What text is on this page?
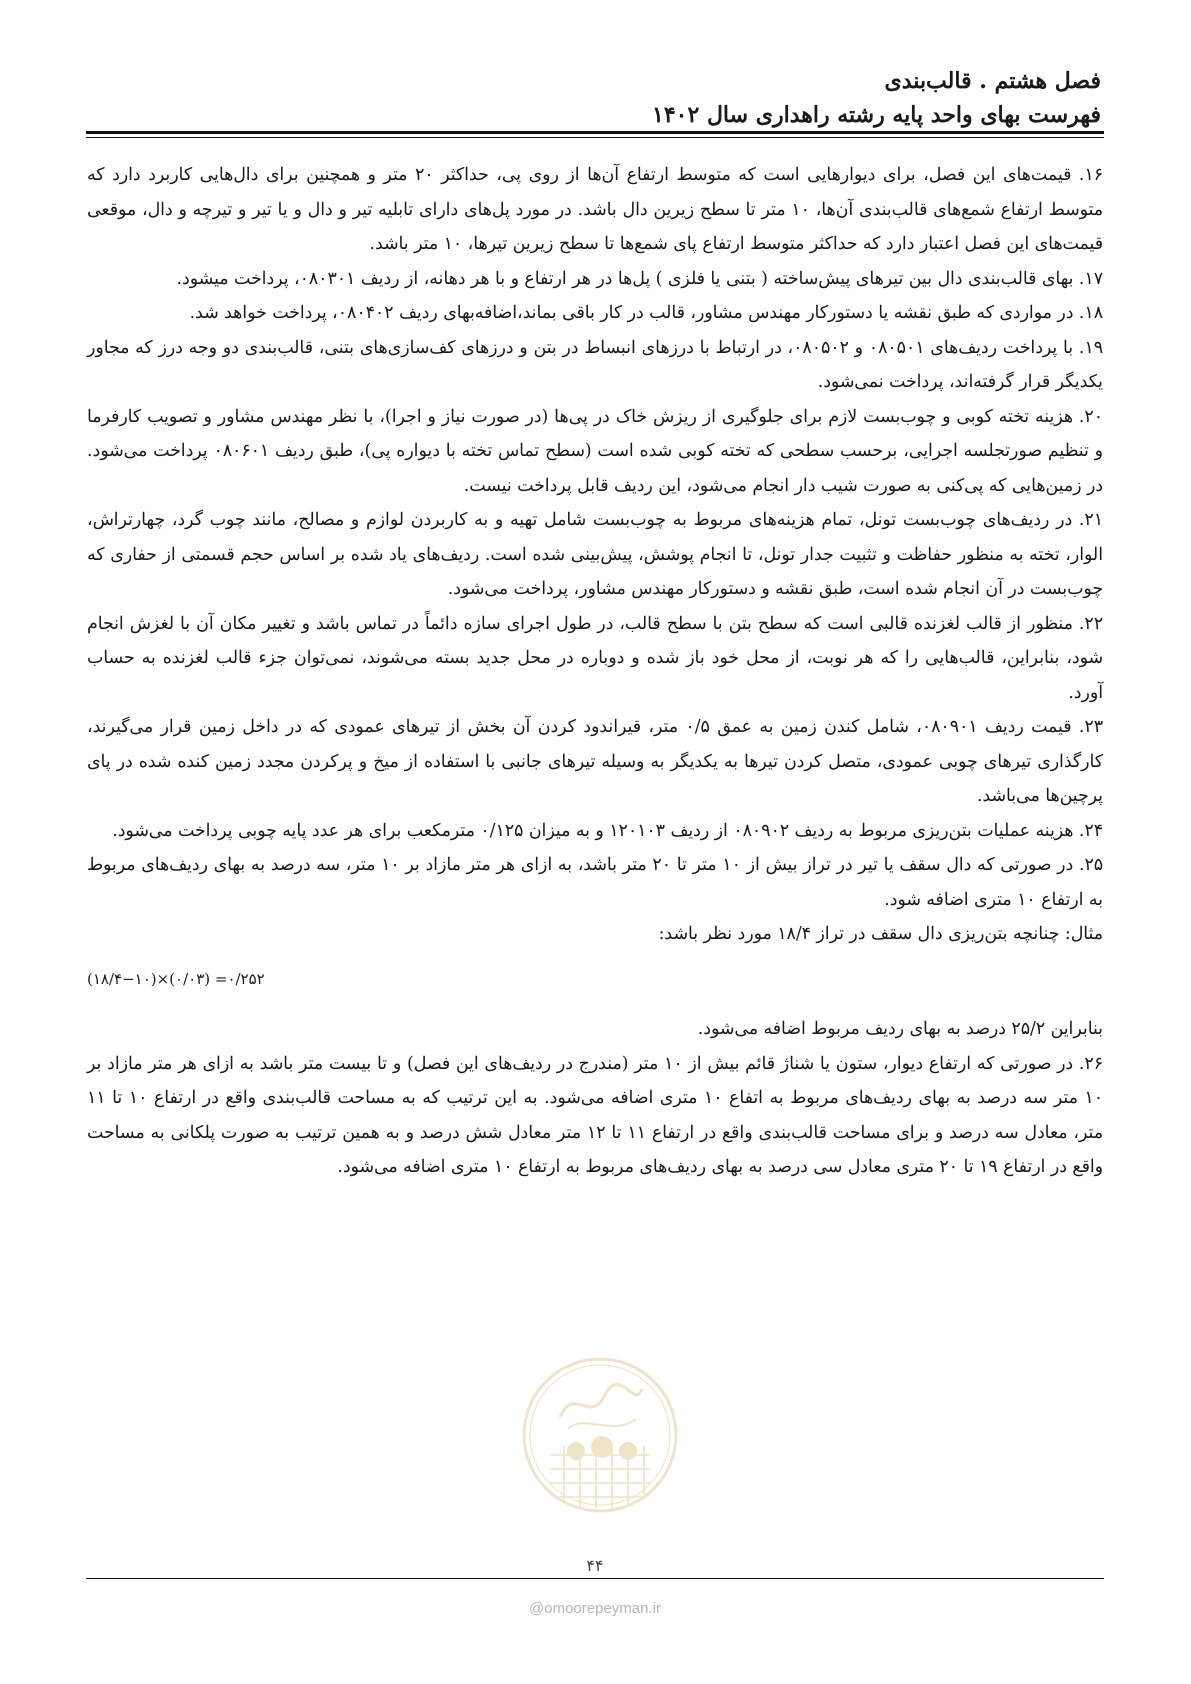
فصل هشتم . قالب‌بندی
فهرست بهای واحد پایه رشته راهداری سال ۱۴۰۲

۱۶. قیمت‌های این فصل، برای دیوارهایی است که متوسط ارتفاع آن‌ها از روی پی، حداکثر ۲۰ متر و همچنین برای دال‌هایی کاربرد دارد که متوسط ارتفاع شمع‌های قالب‌بندی آن‌ها، ۱۰ متر تا سطح زیرین دال باشد. در مورد پل‌های دارای تابلیه تیر و دال و یا تیر و تیرچه و دال، موقعی قیمت‌های این فصل اعتبار دارد که حداکثر متوسط ارتفاع پای شمع‌ها تا سطح زیرین تیرها، ۱۰ متر باشد.

۱۷. بهای قالب‌بندی دال بین تیرهای پیش‌ساخته ( بتنی یا فلزی ) پل‌ها در هر ارتفاع و با هر دهانه، از ردیف ۰۸۰۳۰۱، پرداخت میشود.

۱۸. در مواردی که طبق نقشه یا دستورکار مهندس مشاور، قالب در کار باقی بماند،اضافه‌بهای ردیف ۰۸۰۴۰۲، پرداخت خواهد شد.

۱۹. با پرداخت ردیف‌های ۰۸۰۵۰۱ و ۰۸۰۵۰۲، در ارتباط با درزهای انبساط در بتن و درزهای کف‌سازی‌های بتنی، قالب‌بندی دو وجه درز که مجاور یکدیگر قرار گرفته‌اند، پرداخت نمی‌شود.

۲۰. هزینه تخته کوبی و چوب‌بست لازم برای جلوگیری از ریزش خاک در پی‌ها (در صورت نیاز و اجرا)، با نظر مهندس مشاور و تصویب کارفرما و تنظیم صورتجلسه اجرایی، برحسب سطحی که تخته کوبی شده است (سطح تماس تخته با دیواره پی)، طبق ردیف ۰۸۰۶۰۱ پرداخت می‌شود. در زمین‌هایی که پی‌کنی به صورت شیب دار انجام می‌شود، این ردیف قابل پرداخت نیست.

۲۱. در ردیف‌های چوب‌بست تونل، تمام هزینه‌های مربوط به چوب‌بست شامل تهیه و به کاربردن لوازم و مصالح، مانند چوب گرد، چهارتراش، الوار، تخته به منظور حفاظت و تثبیت جدار تونل، تا انجام پوشش، پیش‌بینی شده است. ردیف‌های یاد شده بر اساس حجم قسمتی از حفاری که چوب‌بست در آن انجام شده است، طبق نقشه و دستورکار مهندس مشاور، پرداخت می‌شود.

۲۲. منظور از قالب لغزنده قالبی است که سطح بتن با سطح قالب، در طول اجرای سازه دائماً در تماس باشد و تغییر مکان آن با لغزش انجام شود، بنابراین، قالب‌هایی را که هر نوبت، از محل خود باز شده و دوباره در محل جدید بسته می‌شوند، نمی‌توان جزء قالب لغزنده به حساب آورد.

۲۳. قیمت ردیف ۰۸۰۹۰۱، شامل کندن زمین به عمق ۰/۵ متر، قیراندود کردن آن بخش از تیرهای عمودی که در داخل زمین قرار می‌گیرند، کارگذاری تیرهای چوبی عمودی، متصل کردن تیرها به یکدیگر به وسیله تیرهای جانبی با استفاده از میخ و پرکردن مجدد زمین کنده شده در پای پرچین‌ها می‌باشد.

۲۴. هزینه عملیات بتن‌ریزی مربوط به ردیف ۰۸۰۹۰۲ از ردیف ۱۲۰۱۰۳ و به میزان ۰/۱۲۵ مترمکعب برای هر عدد پایه چوبی پرداخت می‌شود.

۲۵. در صورتی که دال سقف یا تیر در تراز بیش از ۱۰ متر تا ۲۰ متر باشد، به ازای هر متر مازاد بر ۱۰ متر، سه درصد به بهای ردیف‌های مربوط به ارتفاع ۱۰ متری اضافه شود.

مثال: چنانچه بتن‌ریزی دال سقف در تراز ۱۸/۴ مورد نظر باشد:

(۱۸/۴−۱۰)×(۰/۰۳) =۰/۲۵۲

بنابراین ۲۵/۲ درصد به بهای ردیف مربوط اضافه می‌شود.

۲۶. در صورتی که ارتفاع دیوار، ستون یا شناژ قائم بیش از ۱۰ متر (مندرج در ردیف‌های این فصل) و تا بیست متر باشد به ازای هر متر مازاد بر ۱۰ متر سه درصد به بهای ردیف‌های مربوط به اتفاع ۱۰ متری اضافه می‌شود. به این ترتیب که به مساحت قالب‌بندی واقع در ارتفاع ۱۰ تا ۱۱ متر، معادل سه درصد و برای مساحت قالب‌بندی واقع در ارتفاع ۱۱ تا ۱۲ متر معادل شش درصد و به همین ترتیب به صورت پلکانی به مساحت واقع در ارتفاع ۱۹ تا ۲۰ متری معادل سی درصد به بهای ردیف‌های مربوط به ارتفاع ۱۰ متری اضافه می‌شود.

۴۴
@omoorepeyman.ir
